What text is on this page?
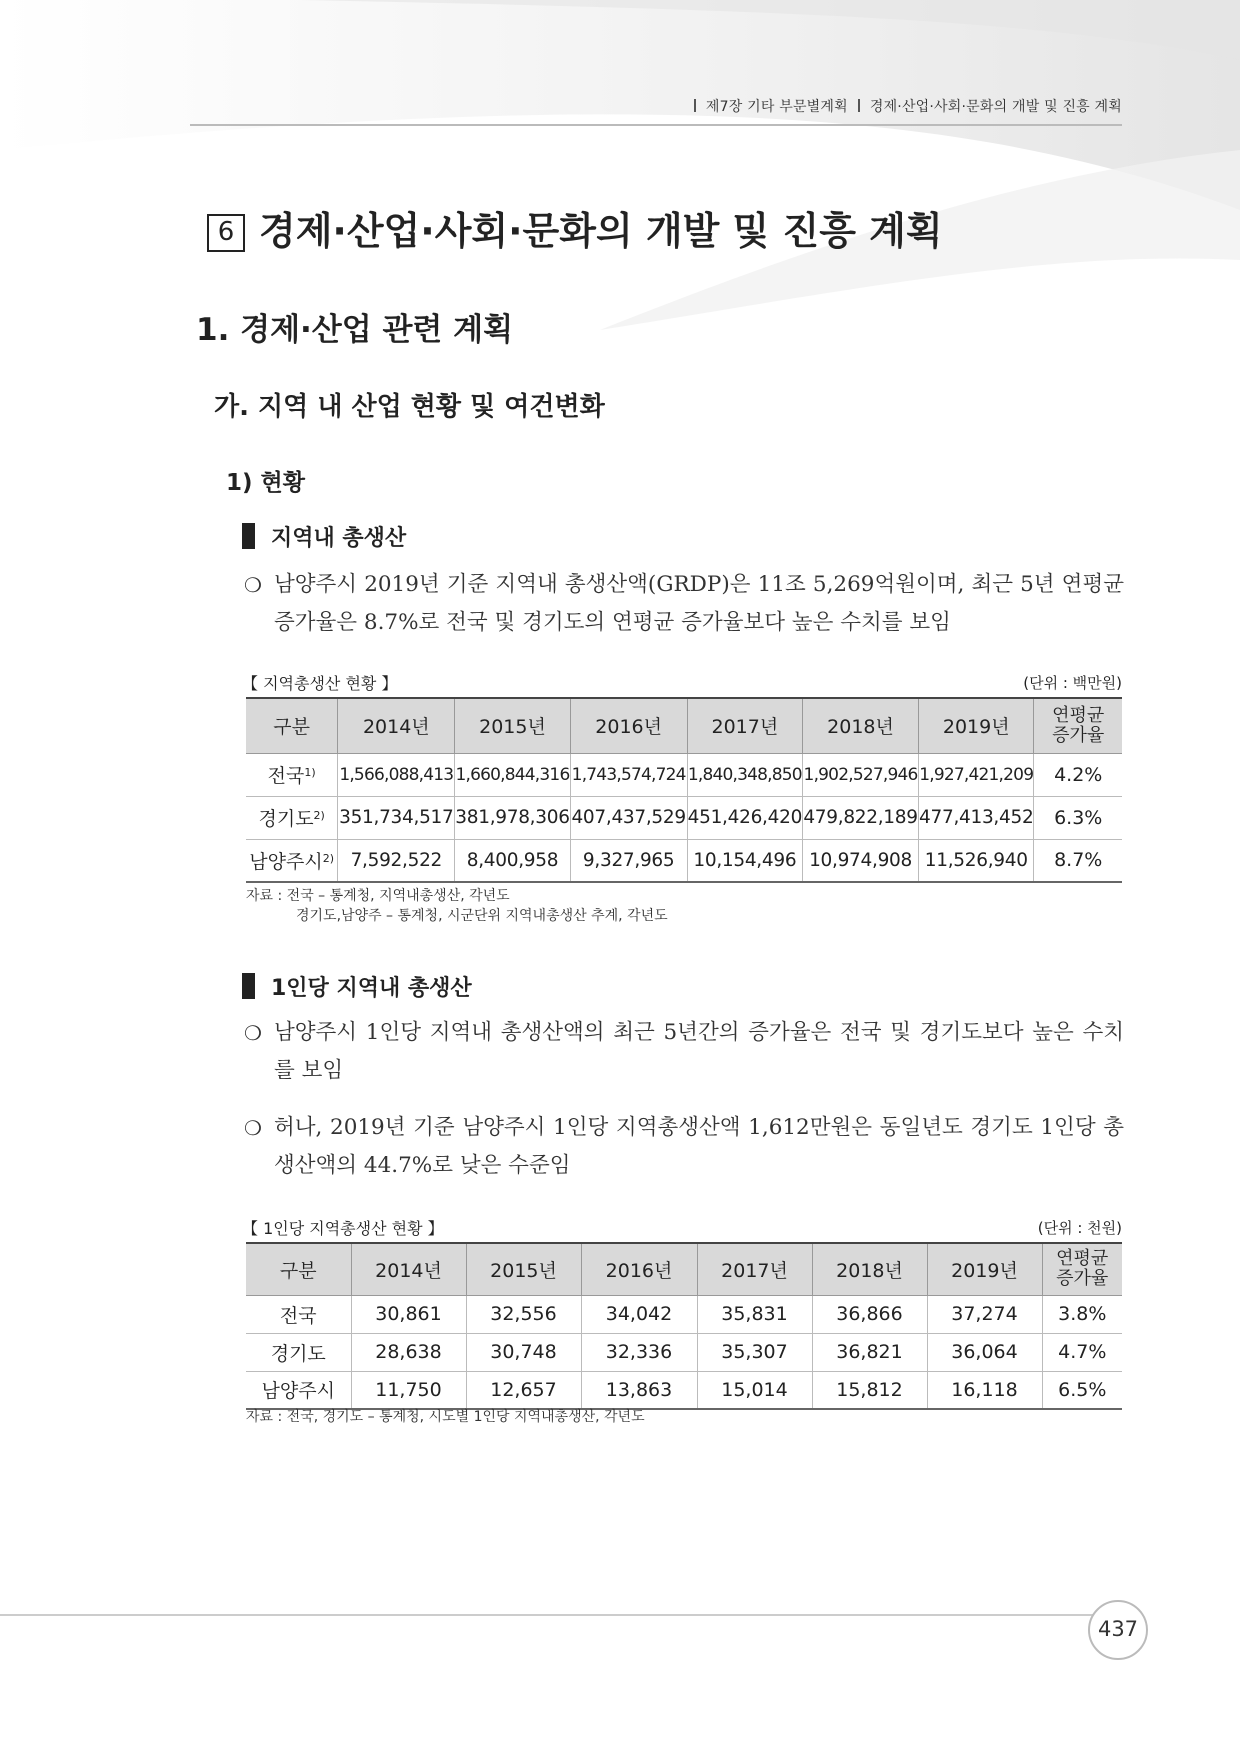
제7장 기타 부문별계획 경제·산업·사회·문화의 개발 및 진흥 계획
6 경제·산업·사회·문화의 개발 및 진흥 계획
1. 경제·산업 관련 계획
가. 지역 내 산업 현황 및 여건변화
1) 현황
지역내 총생산
❍ 남양주시 2019년 기준 지역내 총생산액(GRDP)은 11조 5,269억원이며, 최근 5년 연평균 증가율은 8.7%로 전국 및 경기도의 연평균 증가율보다 높은 수치를 보임
【 지역총생산 현황 】	(단위 : 백만원)
구분	2014년	2015년	2016년	2017년	2018년	2019년	연평균
증가율

전국$^{1)}$	1,566,088,413	1,660,844,316	1,743,574,724	1,840,348,850	1,902,527,946	1,927,421,209	4.2%
경기도$^{2)}$	351,734,517	381,978,306	407,437,529	451,426,420	479,822,189	477,413,452	6.3%
남양주시$^{2)}$	7,592,522	8,400,958	9,327,965	10,154,496	10,974,908	11,526,940	8.7%
자료 : 전국 – 통계청, 지역내총생산, 각년도
경기도,남양주 – 통계청, 시군단위 지역내총생산 추계, 각년도
1인당 지역내 총생산
❍ 남양주시 1인당 지역내 총생산액의 최근 5년간의 증가율은 전국 및 경기도보다 높은 수치를 보임
❍ 허나, 2019년 기준 남양주시 1인당 지역총생산액 1,612만원은 동일년도 경기도 1인당 총생산액의 44.7%로 낮은 수준임
【 1인당 지역총생산 현황 】	(단위 : 천원)
구분	2014년	2015년	2016년	2017년	2018년	2019년	연평균
증가율

전국	30,861	32,556	34,042	35,831	36,866	37,274	3.8%
경기도	28,638	30,748	32,336	35,307	36,821	36,064	4.7%
남양주시	11,750	12,657	13,863	15,014	15,812	16,118	6.5%
자료 : 전국, 경기도 – 통계청, 시도별 1인당 지역내총생산, 각년도
437
